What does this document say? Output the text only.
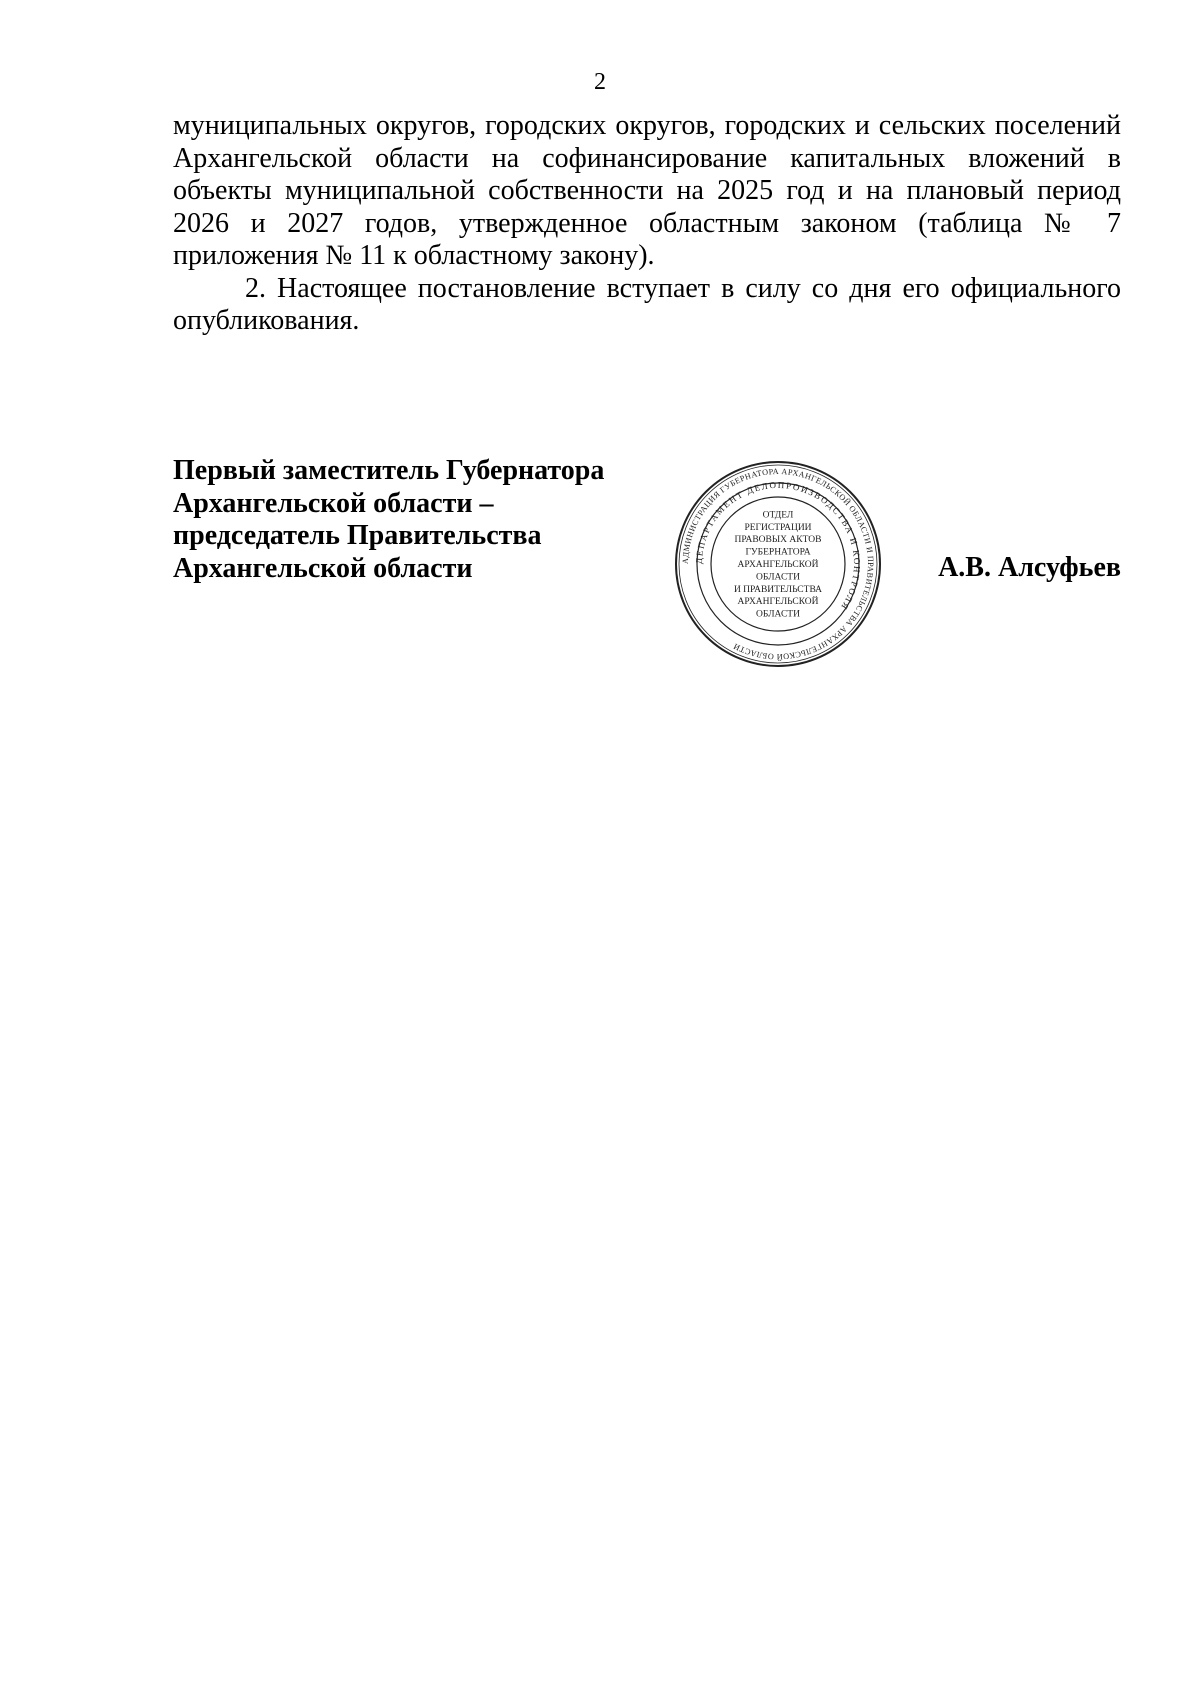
2

муниципальных округов, городских округов, городских и сельских поселений Архангельской области на софинансирование капитальных вложений в объекты муниципальной собственности на 2025 год и на плановый период 2026 и 2027 годов, утвержденное областным законом (таблица № 7 приложения № 11 к областному закону).

2. Настоящее постановление вступает в силу со дня его официального опубликования.

Первый заместитель Губернатора
Архангельской области –
председатель Правительства
Архангельской области	АДМИНИСТРАЦИЯ ГУБЕРНАТОРА АРХАНГЕЛЬСКОЙ ОБЛАСТИ И ПРАВИТЕЛЬСТВА АРХАНГЕЛЬСКОЙ ОБЛАСТИ
ДЕПАРТАМЕНТ ДЕЛОПРОИЗВОДСТВА И КОНТРОЛЯ
ОТДЕЛ
РЕГИСТРАЦИИ
ПРАВОВЫХ АКТОВ
ГУБЕРНАТОРА
АРХАНГЕЛЬСКОЙ
ОБЛАСТИ
И ПРАВИТЕЛЬСТВА
АРХАНГЕЛЬСКОЙ
ОБЛАСТИ
А.В. Алсуфьев
